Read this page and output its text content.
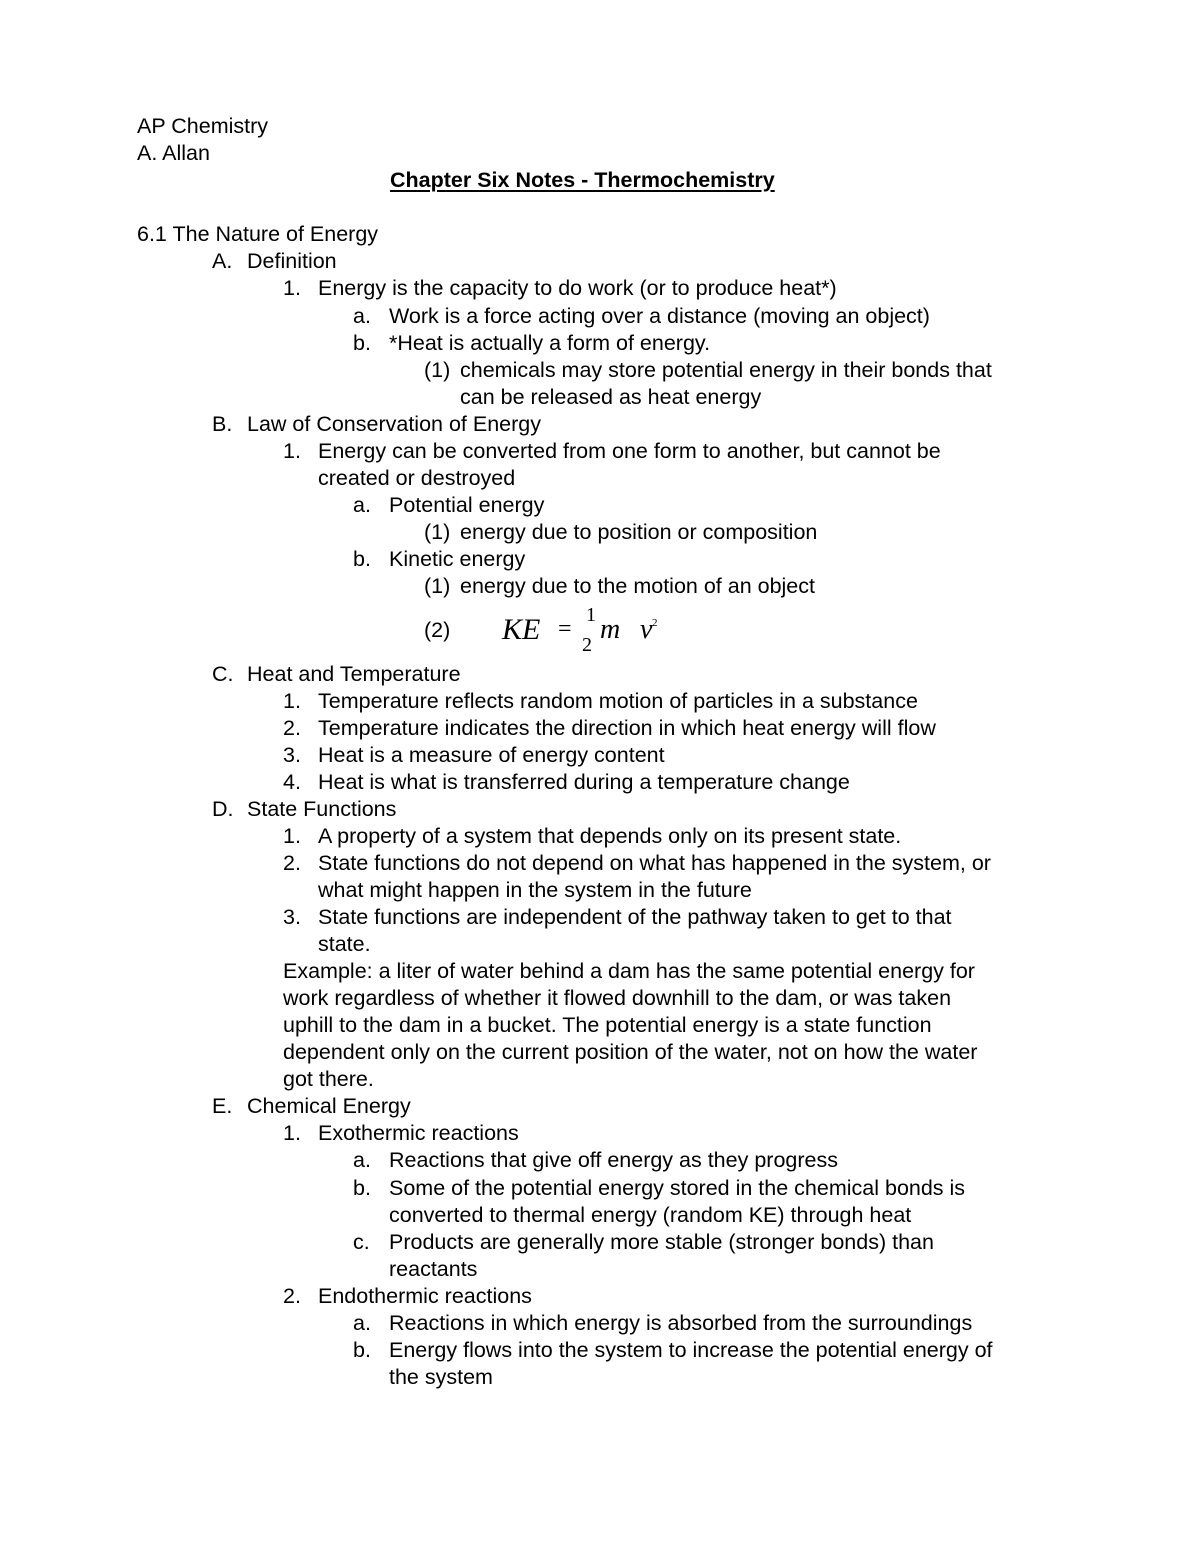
AP Chemistry
A. Allan
Chapter Six Notes - Thermochemistry
6.1 The Nature of Energy
A. Definition
1. Energy is the capacity to do work (or to produce heat*)
a. Work is a force acting over a distance (moving an object)
b. *Heat is actually a form of energy.
(1) chemicals may store potential energy in their bonds that
can be released as heat energy
B. Law of Conservation of Energy
1. Energy can be converted from one form to another, but cannot be
created or destroyed
a. Potential energy
(1) energy due to position or composition
b. Kinetic energy
(1) energy due to the motion of an object
(2)	KE =
1
2 m v 2
C. Heat and Temperature
1. Temperature reflects random motion of particles in a substance
2. Temperature indicates the direction in which heat energy will flow
3. Heat is a measure of energy content
4. Heat is what is transferred during a temperature change
D. State Functions
1. A property of a system that depends only on its present state.
2. State functions do not depend on what has happened in the system, or
what might happen in the system in the future
3. State functions are independent of the pathway taken to get to that
state.
Example: a liter of water behind a dam has the same potential energy for
work regardless of whether it flowed downhill to the dam, or was taken
uphill to the dam in a bucket. The potential energy is a state function
dependent only on the current position of the water, not on how the water
got there.
E. Chemical Energy
1. Exothermic reactions
a. Reactions that give off energy as they progress
b. Some of the potential energy stored in the chemical bonds is
converted to thermal energy (random KE) through heat
c. Products are generally more stable (stronger bonds) than
reactants
2. Endothermic reactions
a. Reactions in which energy is absorbed from the surroundings
b. Energy flows into the system to increase the potential energy of
the system
